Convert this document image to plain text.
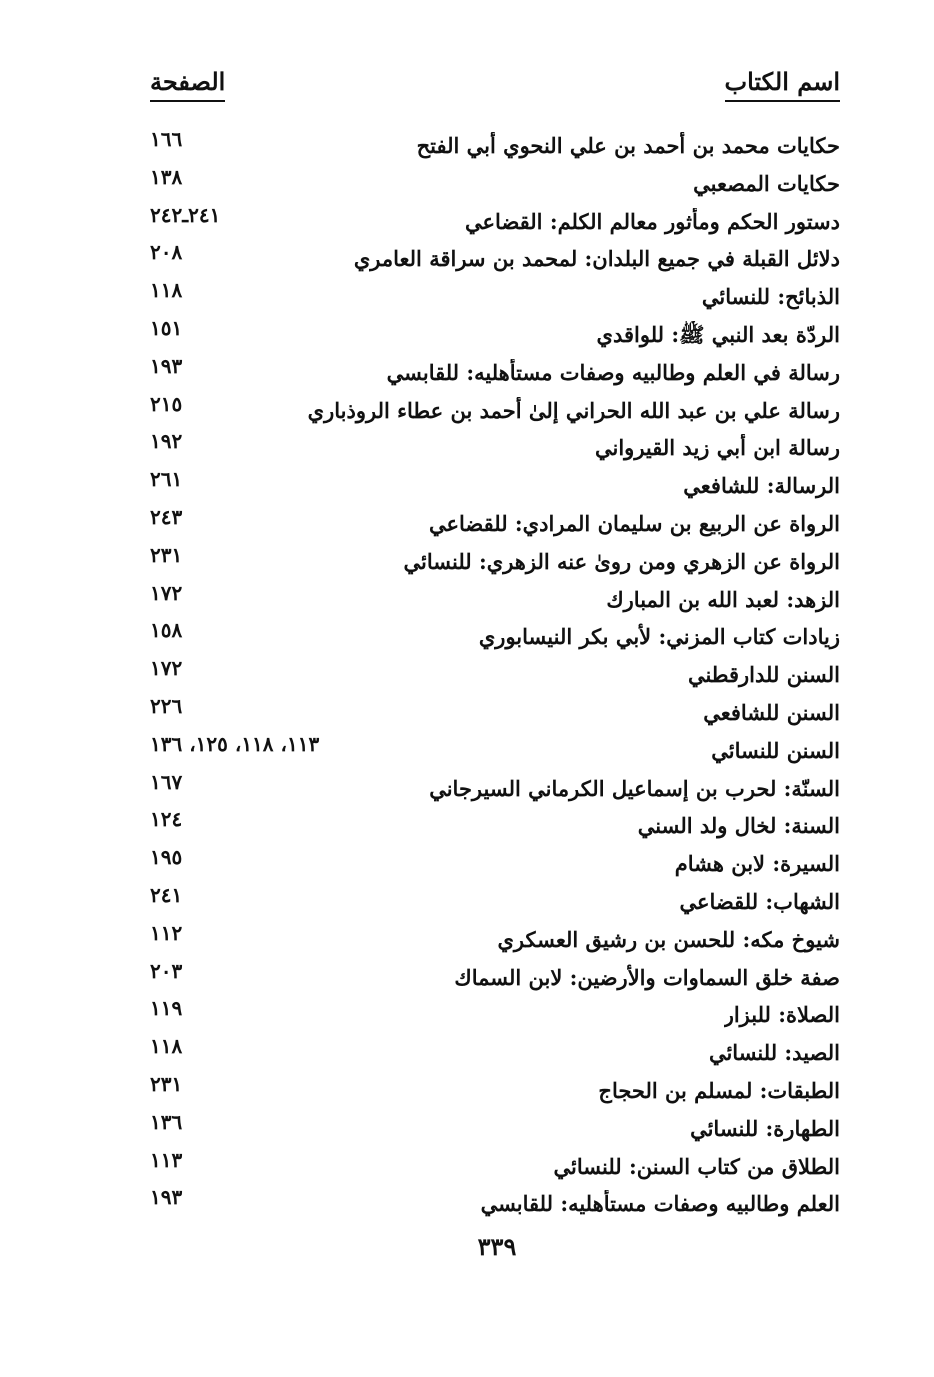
اسم الكتاب
الصفحة
حكايات محمد بن أحمد بن علي النحوي أبي الفتح
١٦٦
حكايات المصعبي
١٣٨
دستور الحكم ومأثور معالم الكلم: القضاعي
٢٤١ـ٢٤٢
دلائل القبلة في جميع البلدان: لمحمد بن سراقة العامري
٢٠٨
الذبائح: للنسائي
١١٨
الردّة بعد النبي ﷺ: للواقدي
١٥١
رسالة في العلم وطالبيه وصفات مستأهليه: للقابسي
١٩٣
رسالة علي بن عبد الله الحراني إلىٰ أحمد بن عطاء الروذباري
٢١٥
رسالة ابن أبي زيد القيرواني
١٩٢
الرسالة: للشافعي
٢٦١
الرواة عن الربيع بن سليمان المرادي: للقضاعي
٢٤٣
الرواة عن الزهري ومن روىٰ عنه الزهري: للنسائي
٢٣١
الزهد: لعبد الله بن المبارك
١٧٢
زيادات كتاب المزني: لأبي بكر النيسابوري
١٥٨
السنن للدارقطني
١٧٢
السنن للشافعي
٢٢٦
السنن للنسائي
١١٣، ١١٨، ١٢٥، ١٣٦
السنّة: لحرب بن إسماعيل الكرماني السيرجاني
١٦٧
السنة: لخال ولد السني
١٢٤
السيرة: لابن هشام
١٩٥
الشهاب: للقضاعي
٢٤١
شيوخ مكه: للحسن بن رشيق العسكري
١١٢
صفة خلق السماوات والأرضين: لابن السماك
٢٠٣
الصلاة: للبزار
١١٩
الصيد: للنسائي
١١٨
الطبقات: لمسلم بن الحجاج
٢٣١
الطهارة: للنسائي
١٣٦
الطلاق من كتاب السنن: للنسائي
١١٣
العلم وطالبيه وصفات مستأهليه: للقابسي
١٩٣
٣٣٩
